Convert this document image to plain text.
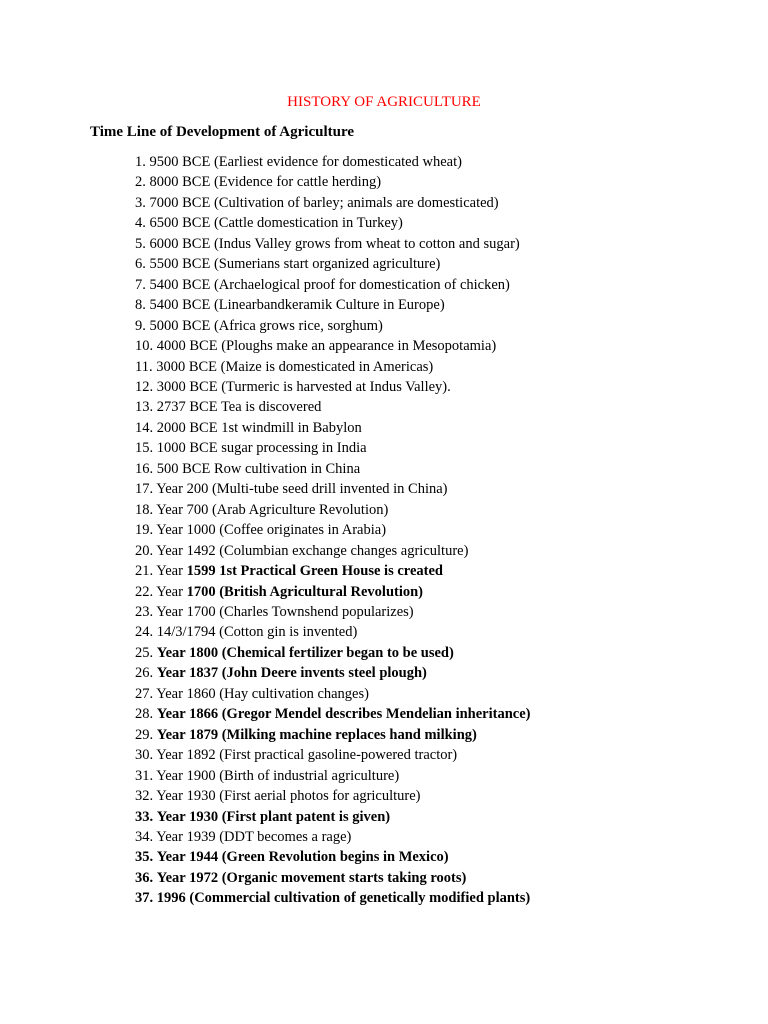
HISTORY OF AGRICULTURE
Time Line of Development of Agriculture
1. 9500 BCE (Earliest evidence for domesticated wheat)
2. 8000 BCE (Evidence for cattle herding)
3. 7000 BCE (Cultivation of barley; animals are domesticated)
4. 6500 BCE (Cattle domestication in Turkey)
5. 6000 BCE (Indus Valley grows from wheat to cotton and sugar)
6. 5500 BCE (Sumerians start organized agriculture)
7. 5400 BCE (Archaelogical proof for domestication of chicken)
8. 5400 BCE (Linearbandkeramik Culture in Europe)
9. 5000 BCE (Africa grows rice, sorghum)
10. 4000 BCE (Ploughs make an appearance in Mesopotamia)
11. 3000 BCE (Maize is domesticated in Americas)
12. 3000 BCE (Turmeric is harvested at Indus Valley).
13. 2737 BCE Tea is discovered
14. 2000 BCE 1st windmill in Babylon
15. 1000 BCE sugar processing in India
16. 500 BCE Row cultivation in China
17. Year 200 (Multi-tube seed drill invented in China)
18. Year 700 (Arab Agriculture Revolution)
19. Year 1000 (Coffee originates in Arabia)
20. Year 1492 (Columbian exchange changes agriculture)
21. Year 1599 1st Practical Green House is created
22. Year 1700 (British Agricultural Revolution)
23. Year 1700 (Charles Townshend popularizes)
24. 14/3/1794 (Cotton gin is invented)
25. Year 1800 (Chemical fertilizer began to be used)
26. Year 1837 (John Deere invents steel plough)
27. Year 1860 (Hay cultivation changes)
28. Year 1866 (Gregor Mendel describes Mendelian inheritance)
29. Year 1879 (Milking machine replaces hand milking)
30. Year 1892 (First practical gasoline-powered tractor)
31. Year 1900 (Birth of industrial agriculture)
32. Year 1930 (First aerial photos for agriculture)
33. Year 1930 (First plant patent is given)
34. Year 1939 (DDT becomes a rage)
35. Year 1944 (Green Revolution begins in Mexico)
36. Year 1972 (Organic movement starts taking roots)
37. 1996 (Commercial cultivation of genetically modified plants)
